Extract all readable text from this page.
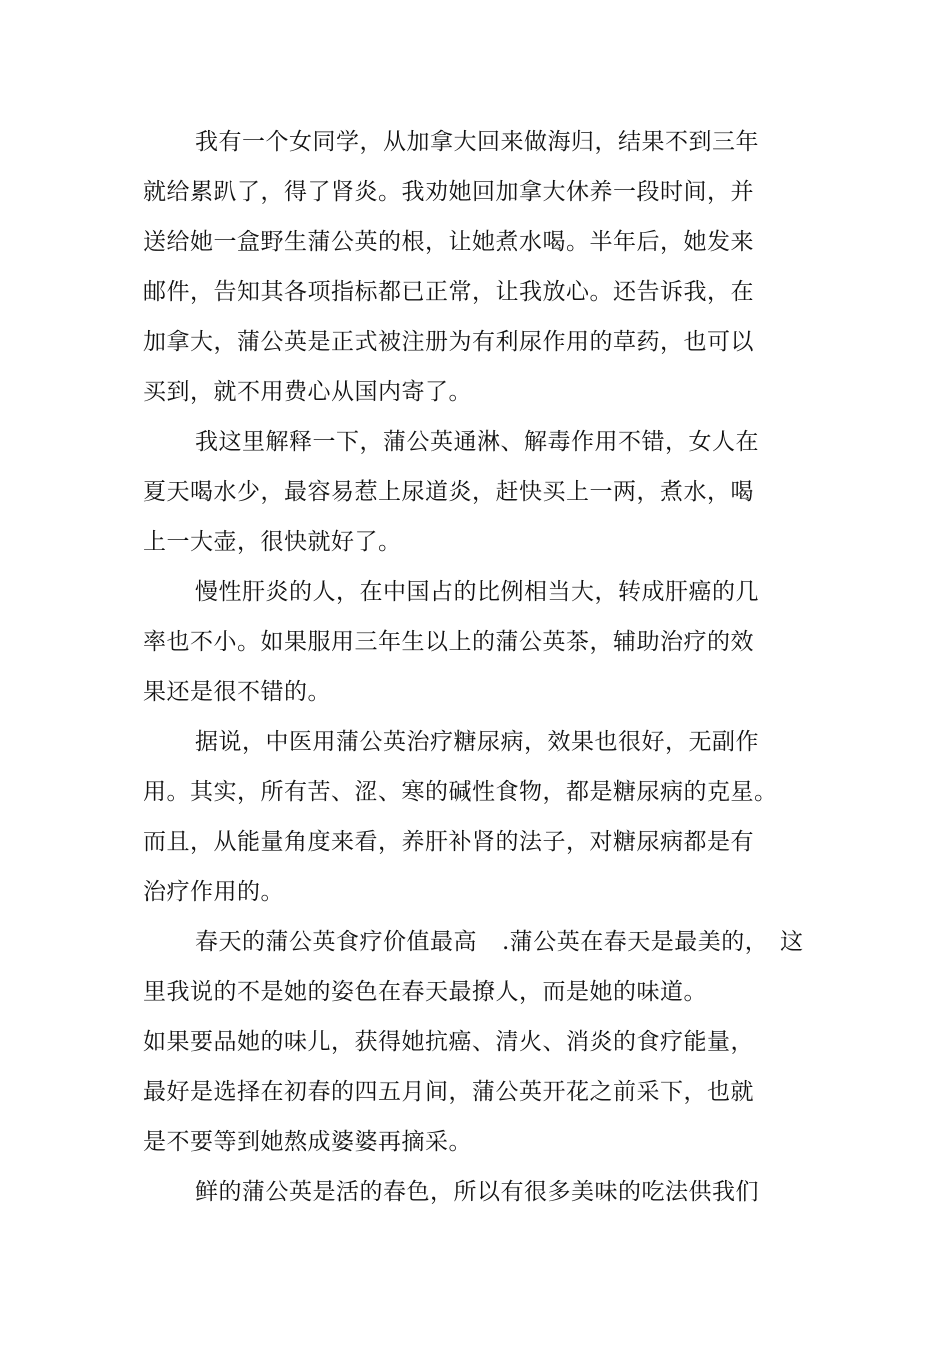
我有一个女同学，从加拿大回来做海归，结果不到三年
就给累趴了，得了肾炎。我劝她回加拿大休养一段时间，并
送给她一盒野生蒲公英的根，让她煮水喝。半年后，她发来
邮件，告知其各项指标都已正常，让我放心。还告诉我，在
加拿大，蒲公英是正式被注册为有利尿作用的草药，也可以
买到，就不用费心从国内寄了。
我这里解释一下，蒲公英通淋、解毒作用不错，女人在
夏天喝水少，最容易惹上尿道炎，赶快买上一两，煮水，喝
上一大壶，很快就好了。
慢性肝炎的人，在中国占的比例相当大，转成肝癌的几
率也不小。如果服用三年生以上的蒲公英茶，辅助治疗的效
果还是很不错的。
据说，中医用蒲公英治疗糖尿病，效果也很好，无副作
用。其实，所有苦、涩、寒的碱性食物，都是糖尿病的克星。
而且，从能量角度来看，养肝补肾的法子，对糖尿病都是有
治疗作用的。
春天的蒲公英食疗价值最高 .蒲公英在春天是最美的， 这
里我说的不是她的姿色在春天最撩人，而是她的味道。
如果要品她的味儿，获得她抗癌、清火、消炎的食疗能量，
最好是选择在初春的四五月间，蒲公英开花之前采下，也就
是不要等到她熬成婆婆再摘采。
鲜的蒲公英是活的春色，所以有很多美味的吃法供我们
